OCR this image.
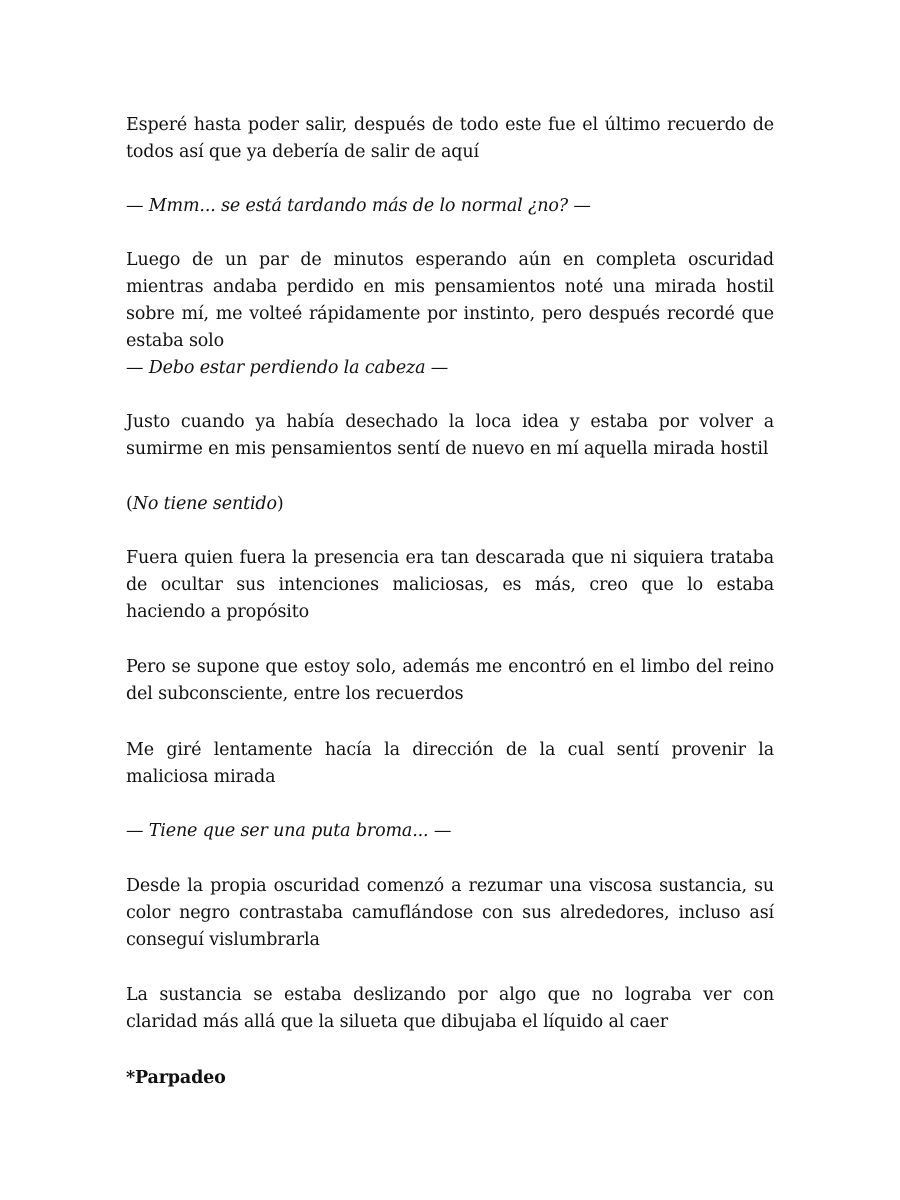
Esperé hasta poder salir, después de todo este fue el último recuerdo de todos así que ya debería de salir de aquí

— Mmm... se está tardando más de lo normal ¿no? —

Luego de un par de minutos esperando aún en completa oscuridad mientras andaba perdido en mis pensamientos noté una mirada hostil sobre mí, me volteé rápidamente por instinto, pero después recordé que estaba solo

— Debo estar perdiendo la cabeza —

Justo cuando ya había desechado la loca idea y estaba por volver a sumirme en mis pensamientos sentí de nuevo en mí aquella mirada hostil

(No tiene sentido)

Fuera quien fuera la presencia era tan descarada que ni siquiera trataba de ocultar sus intenciones maliciosas, es más, creo que lo estaba haciendo a propósito

Pero se supone que estoy solo, además me encontró en el limbo del reino del subconsciente, entre los recuerdos

Me giré lentamente hacía la dirección de la cual sentí provenir la maliciosa mirada

— Tiene que ser una puta broma... —

Desde la propia oscuridad comenzó a rezumar una viscosa sustancia, su color negro contrastaba camuflándose con sus alrededores, incluso así conseguí vislumbrarla

La sustancia se estaba deslizando por algo que no lograba ver con claridad más allá que la silueta que dibujaba el líquido al caer

*Parpadeo
